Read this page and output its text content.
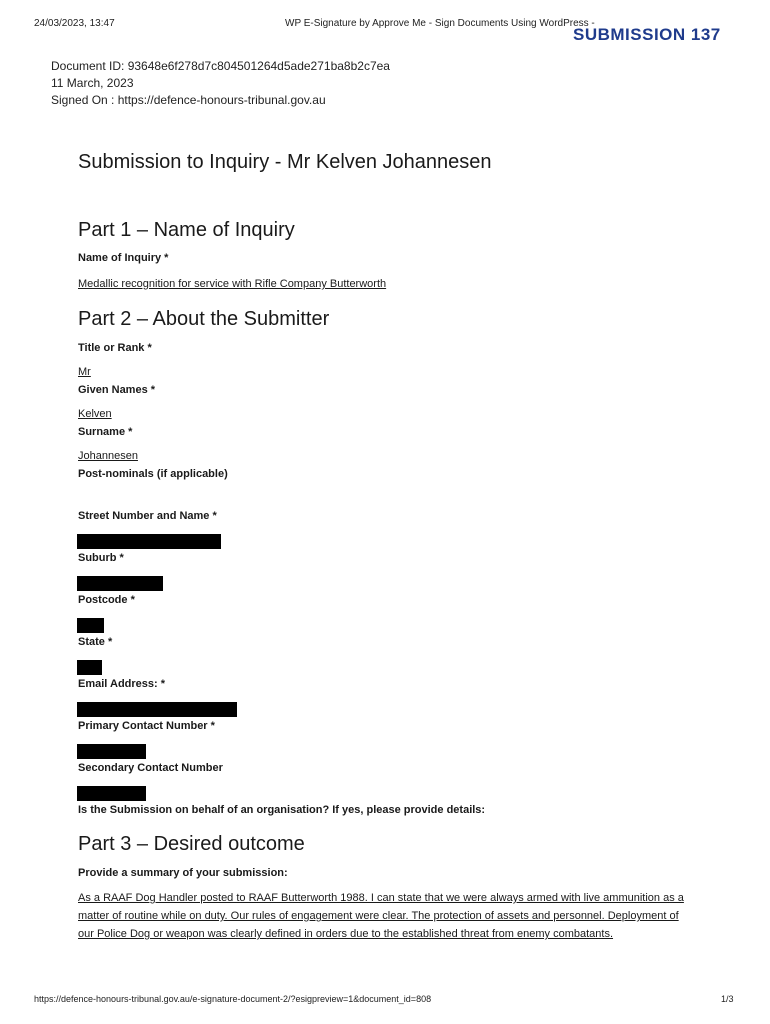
24/03/2023, 13:47	WP E-Signature by Approve Me - Sign Documents Using WordPress -
SUBMISSION 137
Document ID: 93648e6f278d7c804501264d5ade271ba8b2c7ea
11 March, 2023
Signed On : https://defence-honours-tribunal.gov.au
Submission to Inquiry - Mr Kelven Johannesen
Part 1 – Name of Inquiry
Name of Inquiry *
Medallic recognition for service with Rifle Company Butterworth
Part 2 – About the Submitter
Title or Rank *
Mr
Given Names *
Kelven
Surname *
Johannesen
Post-nominals (if applicable)
Street Number and Name *
Suburb *
Postcode *
State *
Email Address: *
Primary Contact Number *
Secondary Contact Number
Is the Submission on behalf of an organisation? If yes, please provide details:
Part 3 – Desired outcome
Provide a summary of your submission:
As a RAAF Dog Handler posted to RAAF Butterworth 1988. I can state that we were always armed with live ammunition as a matter of routine while on duty. Our rules of engagement were clear. The protection of assets and personnel. Deployment of our Police Dog or weapon was clearly defined in orders due to the established threat from enemy combatants.
https://defence-honours-tribunal.gov.au/e-signature-document-2/?esigpreview=1&document_id=808	1/3
